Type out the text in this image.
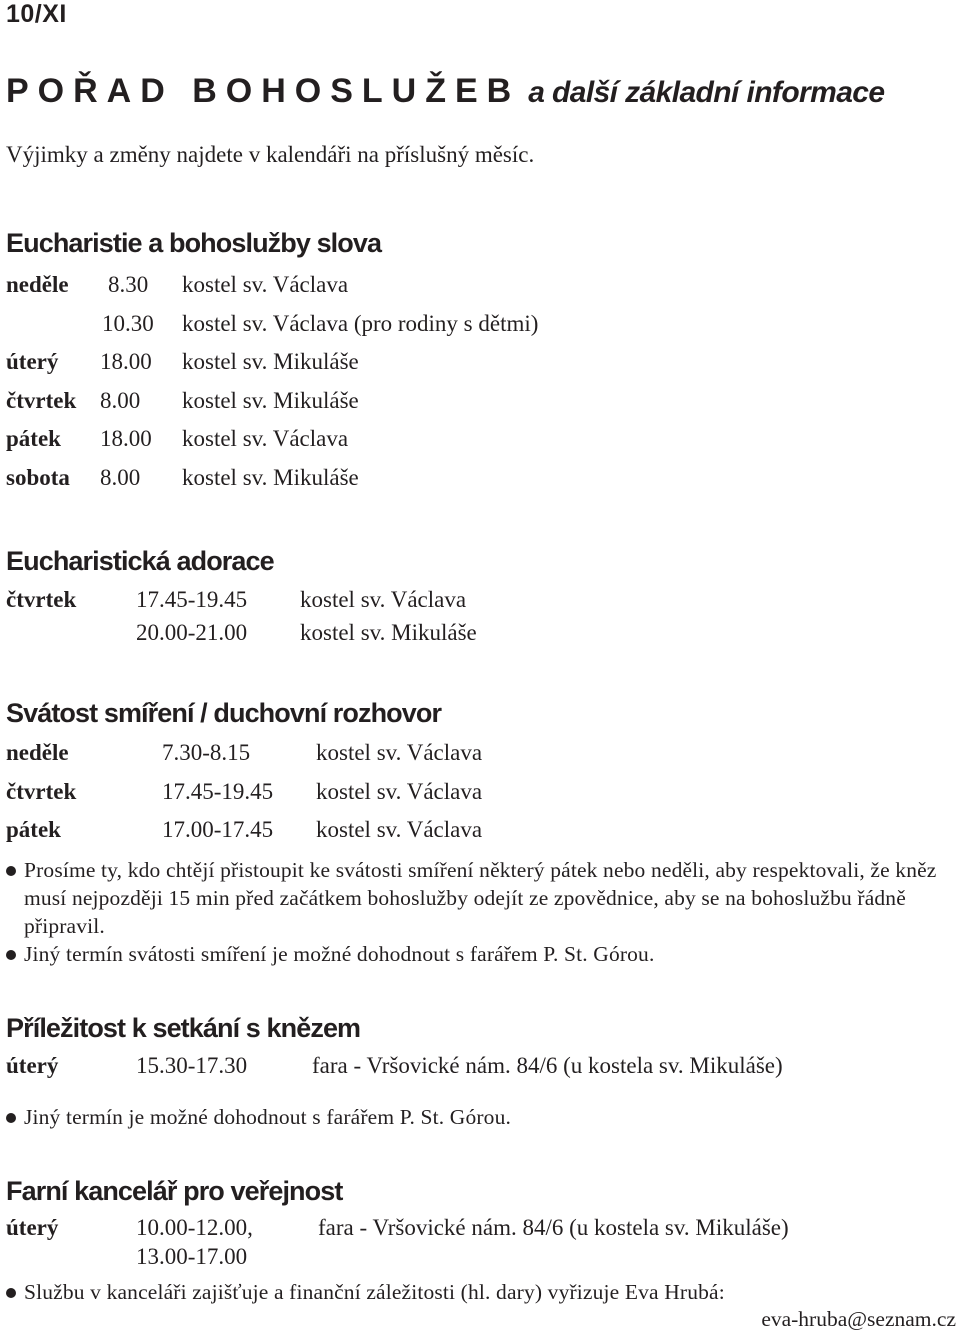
10/XI
POŘAD BOHOSLUŽEB a další základní informace
Výjimky a změny najdete v kalendáři na příslušný měsíc.
Eucharistie a bohoslužby slova
neděle 8.30 kostel sv. Václava
10.30 kostel sv. Václava (pro rodiny s dětmi)
úterý 18.00 kostel sv. Mikuláše
čtvrtek 8.00 kostel sv. Mikuláše
pátek 18.00 kostel sv. Václava
sobota 8.00 kostel sv. Mikuláše
Eucharistická adorace
čtvrtek	17.45-19.45 kostel sv. Václava
20.00-21.00 kostel sv. Mikuláše
Svátost smíření / duchovní rozhovor
neděle	7.30-8.15	kostel sv. Václava
čtvrtek	17.45-19.45 kostel sv. Václava
pátek	17.00-17.45 kostel sv. Václava
Prosíme ty, kdo chtějí přistoupit ke svátosti smíření některý pátek nebo neděli, aby respektovali, že kněz musí nejpozději 15 min před začátkem bohoslužby odejít ze zpovědnice, aby se na bohoslužbu řádně připravil.
Jiný termín svátosti smíření je možné dohodnout s farářem P. St. Górou.
Příležitost k setkání s knězem
úterý	15.30-17.30	fara - Vršovické nám. 84/6 (u kostela sv. Mikuláše)
Jiný termín je možné dohodnout s farářem P. St. Górou.
Farní kancelář pro veřejnost
úterý	10.00-12.00,	fara - Vršovické nám. 84/6 (u kostela sv. Mikuláše)
13.00-17.00
Službu v kanceláři zajišťuje a finanční záležitosti (hl. dary) vyřizuje Eva Hrubá:
eva-hruba@seznam.cz
